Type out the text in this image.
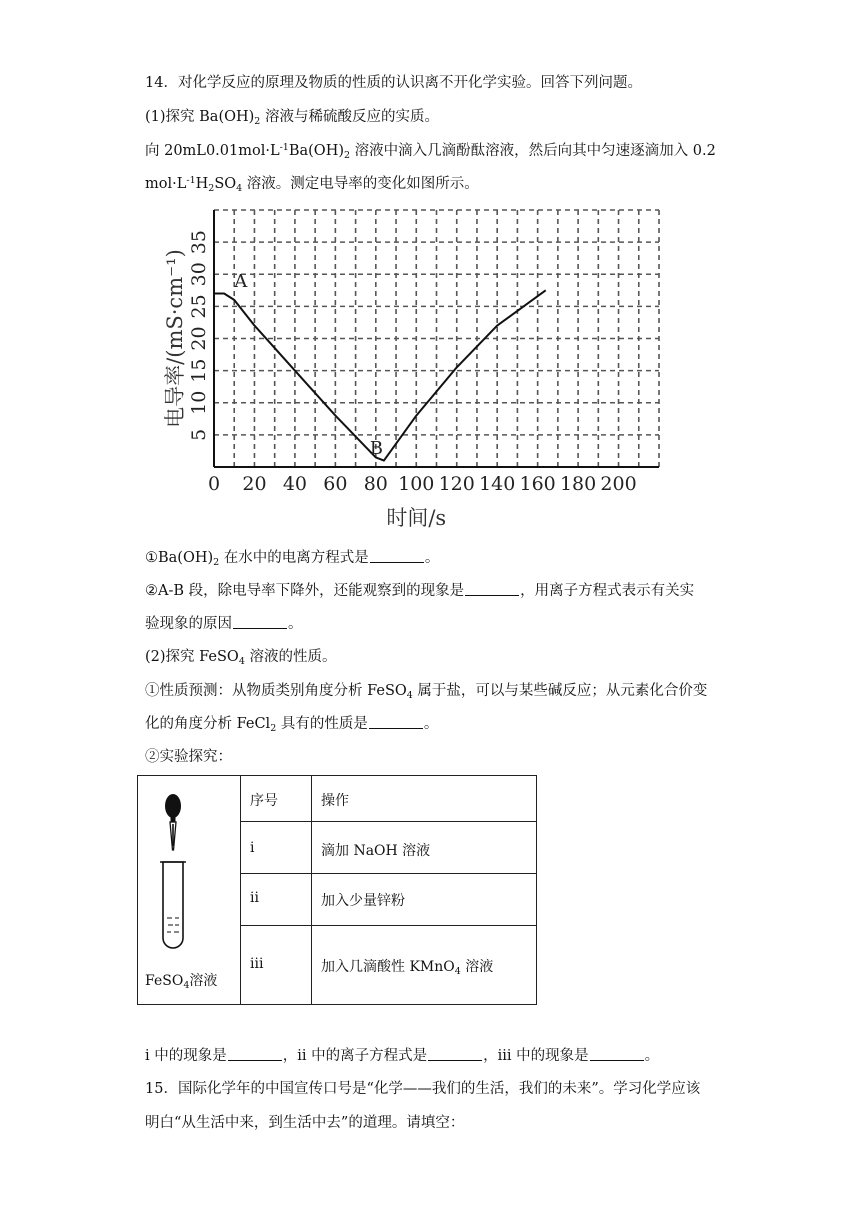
14．对化学反应的原理及物质的性质的认识离不开化学实验。回答下列问题。
(1)探究 $Ba(OH)_2$ 溶液与稀硫酸反应的实质。
向 $20mL0.01mol\cdot L^{-1}Ba(OH)_2$ 溶液中滴入几滴酚酞溶液，然后向其中匀速逐滴加入 0.2
$mol\cdot L^{-1}H_2SO_4$ 溶液。测定电导率的变化如图所示。
0 20 40 60 80 100 120 140 160 180 200
5
10
15
20
25
30
35
时间/s
电导率/(mS·cm⁻¹)	A
B
$①Ba(OH)_2$ 在水中的电离方程式是	。
②A-B 段，除电导率下降外，还能观察到的现象是	，用离子方程式表示有关实
验现象的原因	。
(2)探究 FeSO$_4$ 溶液的性质。
①性质预测：从物质类别角度分析 FeSO$_4$ 属于盐，可以与某些碱反应；从元素化合价变
化的角度分析 FeCl$_2$ 具有的性质是	。
②实验探究：
FeSO$_4$溶液	序号	操作

	i	滴加 NaOH 溶液

	ii	加入少量锌粉

	iii	加入几滴酸性 KMnO$_4$ 溶液
i 中的现象是	，ii 中的离子方程式是	，iii 中的现象是	。
15．国际化学年的中国宣传口号是“化学——我们的生活，我们的未来”。学习化学应该
明白“从生活中来，到生活中去”的道理。请填空：
